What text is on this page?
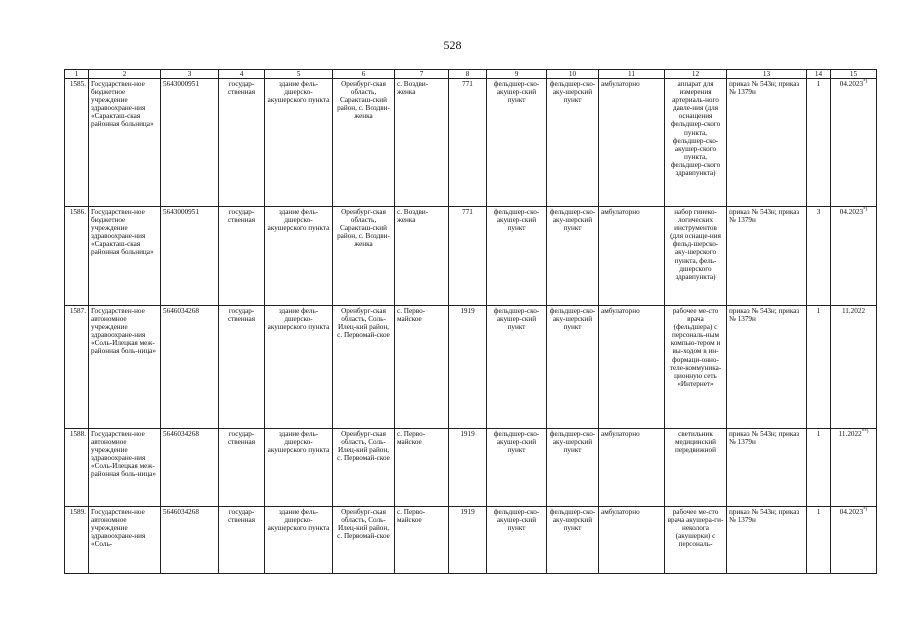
528
1	2	3	4	5	6	7	8	9	10	11	12	13	14	15
1585.	Государствен-ное бюджетное учреждение здравоохране-ния «Саракташ-ская районная больница»	5643000951	государ-ственная	здание фель-дшерско-акушерского пункта	Оренбург-ская область, Саракташ-ский район, с. Воздви-женка	с. Воздви-женка	771	фельдшер-ско-акушер-ский пункт	фельдшер-ско-аку-шерский пункт	амбулаторно	аппарат для измерения артериаль-ного давле-ния (для оснащения фельдшер-ского пункта, фельдшер-ско-акушер-ского пункта, фельдшер-ского здравпункта)	приказ № 543н; приказ № 1379н	1	04.2023*)
1586.	Государствен-ное бюджетное учреждение здравоохране-ния «Саракташ-ская районная больница»	5643000951	государ-ственная	здание фель-дшерско-акушерского пункта	Оренбург-ская область, Саракташ-ский район, с. Воздви-женка	с. Воздви-женка	771	фельдшер-ско-акушер-ский пункт	фельдшер-ско-аку-шерский пункт	амбулаторно	набор гинеко-логических инструментов (для оснаще-ния фельд-шерско-аку-шерского пункта, фель-дшерского здравпункта)	приказ № 543н; приказ № 1379н	3	04.2023*)
1587.	Государствен-ное автономное учреждение здравоохране-ния «Соль-Илецкая меж-районная боль-ница»	5646034268	государ-ственная	здание фель-дшерско-акушерского пункта	Оренбург-ская область, Соль-Илец-кий район, с. Первомай-ское	с. Перво-майское	1919	фельдшер-ско-акушер-ский пункт	фельдшер-ско-аку-шерский пункт	амбулаторно	рабочее ме-сто врача (фельдшера) с персональ-ным компью-тером и вы-ходом в ин-формаци-онно-теле-коммуника-ционную сеть «Интернет»	приказ № 543н; приказ № 1379н	1	11.2022
1588.	Государствен-ное автономное учреждение здравоохране-ния «Соль-Илецкая меж-районная боль-ница»	5646034268	государ-ственная	здание фель-дшерско-акушерского пункта	Оренбург-ская область, Соль-Илец-кий район, с. Первомай-ское	с. Перво-майское	1919	фельдшер-ско-акушер-ский пункт	фельдшер-ско-аку-шерский пункт	амбулаторно	светильник медицинский передвижной	приказ № 543н; приказ № 1379н	1	11.2022**)
1589.	Государствен-ное автономное учреждение здравоохране-ния «Соль-	5646034268	государ-ственная	здание фель-дшерско-акушерского пункта	Оренбург-ская область, Соль-Илец-кий район, с. Первомай-ское	с. Перво-майское	1919	фельдшер-ско-акушер-ский пункт	фельдшер-ско-аку-шерский пункт	амбулаторно	рабочее ме-сто врача акушера-ги-неколога (акушерки) с персональ-	приказ № 543н; приказ № 1379н	1	04.2023*)
